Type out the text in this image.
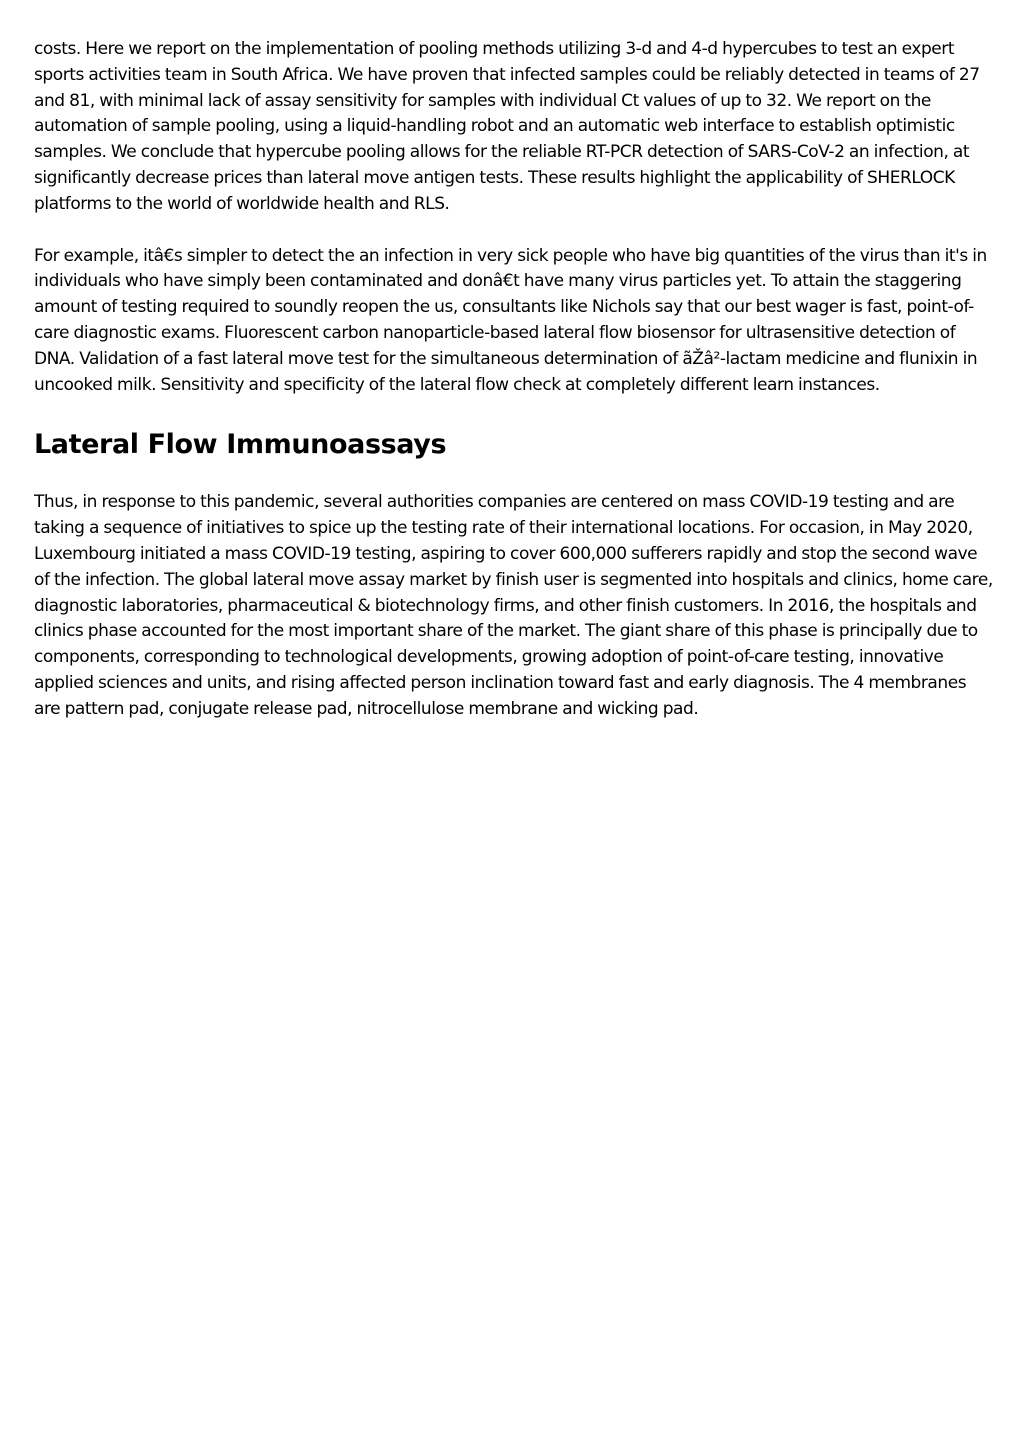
costs. Here we report on the implementation of pooling methods utilizing 3-d and 4-d hypercubes to test an expert sports activities team in South Africa. We have proven that infected samples could be reliably detected in teams of 27 and 81, with minimal lack of assay sensitivity for samples with individual Ct values of up to 32. We report on the automation of sample pooling, using a liquid-handling robot and an automatic web interface to establish optimistic samples. We conclude that hypercube pooling allows for the reliable RT-PCR detection of SARS-CoV-2 an infection, at significantly decrease prices than lateral move antigen tests. These results highlight the applicability of SHERLOCK platforms to the world of worldwide health and RLS.

For example, itâ€s simpler to detect the an infection in very sick people who have big quantities of the virus than it's in individuals who have simply been contaminated and donâ€t have many virus particles yet. To attain the staggering amount of testing required to soundly reopen the us, consultants like Nichols say that our best wager is fast, point-of-care diagnostic exams. Fluorescent carbon nanoparticle-based lateral flow biosensor for ultrasensitive detection of DNA. Validation of a fast lateral move test for the simultaneous determination of ãŽâ²-lactam medicine and flunixin in uncooked milk. Sensitivity and specificity of the lateral flow check at completely different learn instances.

Lateral Flow Immunoassays

Thus, in response to this pandemic, several authorities companies are centered on mass COVID-19 testing and are taking a sequence of initiatives to spice up the testing rate of their international locations. For occasion, in May 2020, Luxembourg initiated a mass COVID-19 testing, aspiring to cover 600,000 sufferers rapidly and stop the second wave of the infection. The global lateral move assay market by finish user is segmented into hospitals and clinics, home care, diagnostic laboratories, pharmaceutical & biotechnology firms, and other finish customers. In 2016, the hospitals and clinics phase accounted for the most important share of the market. The giant share of this phase is principally due to components, corresponding to technological developments, growing adoption of point-of-care testing, innovative applied sciences and units, and rising affected person inclination toward fast and early diagnosis. The 4 membranes are pattern pad, conjugate release pad, nitrocellulose membrane and wicking pad.
